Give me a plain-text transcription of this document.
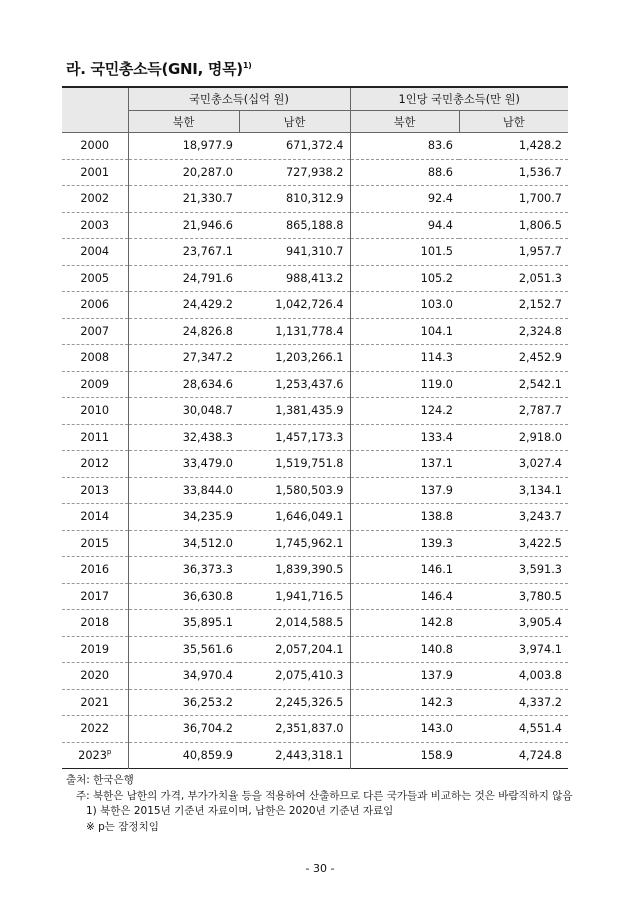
라. 국민총소득(GNI, 명목)$^{1)}$
	국민총소득(십억 원)		1인당 국민총소득(만 원)	
	북한	남한	북한	남한
2000	18,977.9	671,372.4	83.6	1,428.2
2001	20,287.0	727,938.2	88.6	1,536.7
2002	21,330.7	810,312.9	92.4	1,700.7
2003	21,946.6	865,188.8	94.4	1,806.5
2004	23,767.1	941,310.7	101.5	1,957.7
2005	24,791.6	988,413.2	105.2	2,051.3
2006	24,429.2	1,042,726.4	103.0	2,152.7
2007	24,826.8	1,131,778.4	104.1	2,324.8
2008	27,347.2	1,203,266.1	114.3	2,452.9
2009	28,634.6	1,253,437.6	119.0	2,542.1
2010	30,048.7	1,381,435.9	124.2	2,787.7
2011	32,438.3	1,457,173.3	133.4	2,918.0
2012	33,479.0	1,519,751.8	137.1	3,027.4
2013	33,844.0	1,580,503.9	137.9	3,134.1
2014	34,235.9	1,646,049.1	138.8	3,243.7
2015	34,512.0	1,745,962.1	139.3	3,422.5
2016	36,373.3	1,839,390.5	146.1	3,591.3
2017	36,630.8	1,941,716.5	146.4	3,780.5
2018	35,895.1	2,014,588.5	142.8	3,905.4
2019	35,561.6	2,057,204.1	140.8	3,974.1
2020	34,970.4	2,075,410.3	137.9	4,003.8
2021	36,253.2	2,245,326.5	142.3	4,337.2
2022	36,704.2	2,351,837.0	143.0	4,551.4
2023$^p$	40,859.9	2,443,318.1	158.9	4,724.8
출처: 한국은행
주: 북한은 남한의 가격, 부가가치율 등을 적용하여 산출하므로 다른 국가들과 비교하는 것은 바람직하지 않음
1) 북한은 2015년 기준년 자료이며, 남한은 2020년 기준년 자료임
※ p는 잠정치임
- 30 -
